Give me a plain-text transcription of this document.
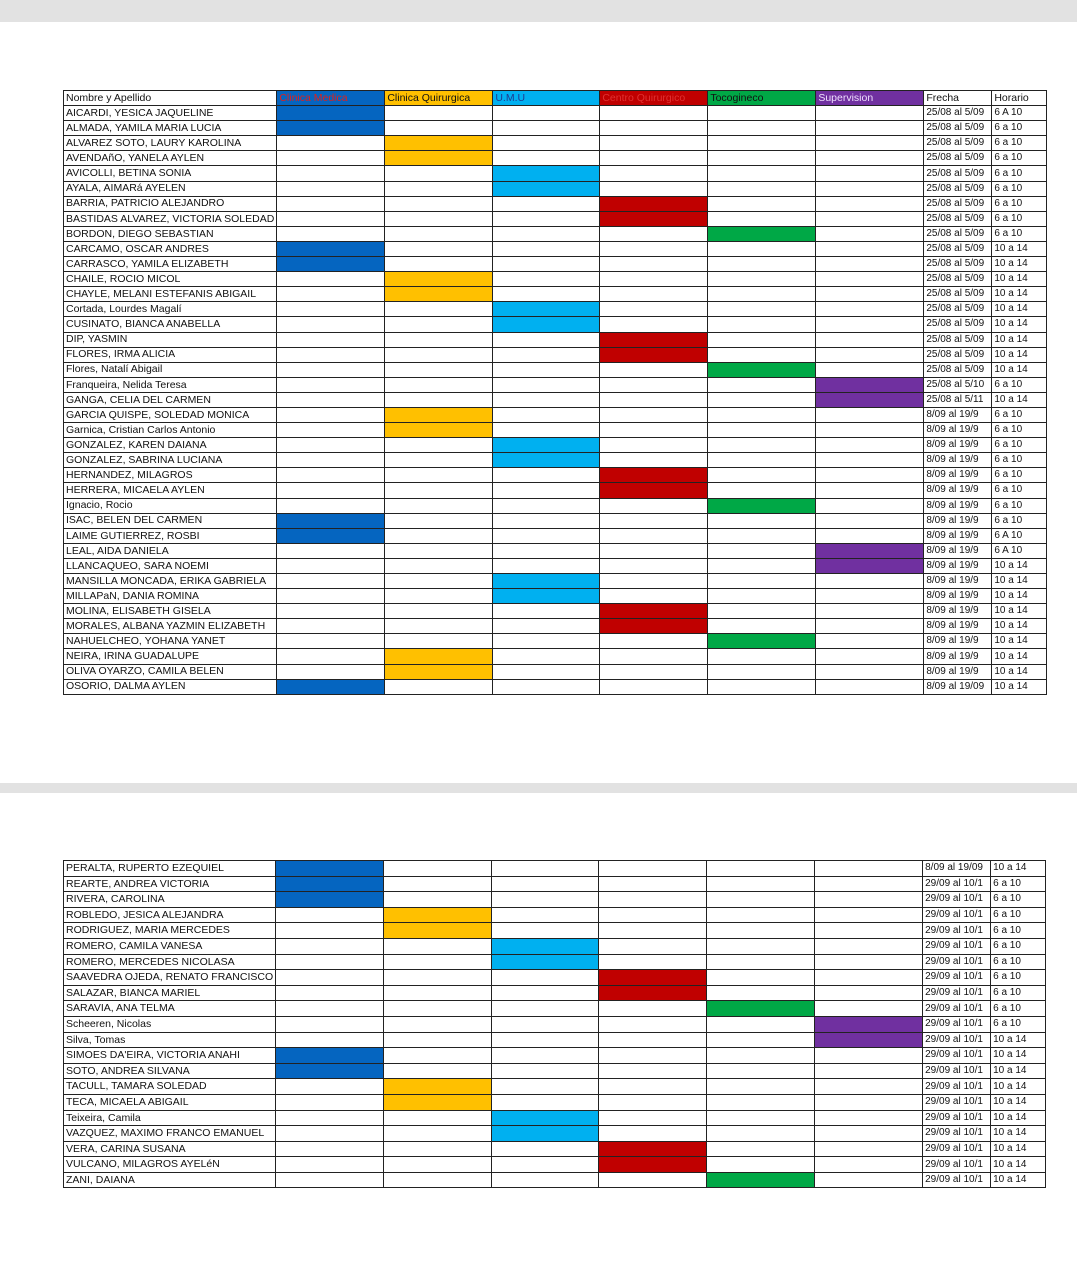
Nombre y Apellido	Clinica Medica	Clinica Quirurgica	U.M.U	Centro Quirurgico	Tocogineco	Supervision	Frecha	Horario
AICARDI, YESICA JAQUELINE							25/08 al 5/09	6 A 10
ALMADA, YAMILA MARIA LUCIA							25/08 al 5/09	6 a 10
ALVAREZ SOTO, LAURY KAROLINA							25/08 al 5/09	6 a 10
AVENDAñO, YANELA AYLEN							25/08 al 5/09	6 a 10
AVICOLLI, BETINA SONIA							25/08 al 5/09	6 a 10
AYALA, AIMARá AYELEN							25/08 al 5/09	6 a 10
BARRIA, PATRICIO ALEJANDRO							25/08 al 5/09	6 a 10
BASTIDAS ALVAREZ, VICTORIA SOLEDAD							25/08 al 5/09	6 a 10
BORDON, DIEGO SEBASTIAN							25/08 al 5/09	6 a 10
CARCAMO, OSCAR ANDRES							25/08 al 5/09	10 a 14
CARRASCO, YAMILA ELIZABETH							25/08 al 5/09	10 a 14
CHAILE, ROCIO MICOL							25/08 al 5/09	10 a 14
CHAYLE, MELANI ESTEFANIS ABIGAIL							25/08 al 5/09	10 a 14
Cortada, Lourdes Magalí							25/08 al 5/09	10 a 14
CUSINATO, BIANCA ANABELLA							25/08 al 5/09	10 a 14
DIP, YASMIN							25/08 al 5/09	10 a 14
FLORES, IRMA ALICIA							25/08 al 5/09	10 a 14
Flores, Natalí Abigail							25/08 al 5/09	10 a 14
Franqueira, Nelida Teresa							25/08 al 5/10	6 a 10
GANGA, CELIA DEL CARMEN							25/08 al 5/11	10 a 14
GARCIA QUISPE, SOLEDAD MONICA							8/09 al 19/9	6 a 10
Garnica, Cristian Carlos Antonio							8/09 al 19/9	6 a 10
GONZALEZ, KAREN DAIANA							8/09 al 19/9	6 a 10
GONZALEZ, SABRINA LUCIANA							8/09 al 19/9	6 a 10
HERNANDEZ, MILAGROS							8/09 al 19/9	6 a 10
HERRERA, MICAELA AYLEN							8/09 al 19/9	6 a 10
Ignacio, Rocio							8/09 al 19/9	6 a 10
ISAC, BELEN DEL CARMEN							8/09 al 19/9	6 a 10
LAIME GUTIERREZ, ROSBI							8/09 al 19/9	6 A 10
LEAL, AIDA DANIELA							8/09 al 19/9	6 A 10
LLANCAQUEO, SARA NOEMI							8/09 al 19/9	10 a 14
MANSILLA MONCADA, ERIKA GABRIELA							8/09 al 19/9	10 a 14
MILLAPaN, DANIA ROMINA							8/09 al 19/9	10 a 14
MOLINA, ELISABETH GISELA							8/09 al 19/9	10 a 14
MORALES, ALBANA YAZMIN ELIZABETH							8/09 al 19/9	10 a 14
NAHUELCHEO, YOHANA YANET							8/09 al 19/9	10 a 14
NEIRA, IRINA GUADALUPE							8/09 al 19/9	10 a 14
OLIVA OYARZO, CAMILA BELEN							8/09 al 19/9	10 a 14
OSORIO, DALMA AYLEN							8/09 al 19/09	10 a 14
PERALTA, RUPERTO EZEQUIEL							8/09 al 19/09	10 a 14
REARTE, ANDREA VICTORIA							29/09 al 10/1	6 a 10
RIVERA, CAROLINA							29/09 al 10/1	6 a 10
ROBLEDO, JESICA ALEJANDRA							29/09 al 10/1	6 a 10
RODRIGUEZ, MARIA MERCEDES							29/09 al 10/1	6 a 10
ROMERO, CAMILA VANESA							29/09 al 10/1	6 a 10
ROMERO, MERCEDES NICOLASA							29/09 al 10/1	6 a 10
SAAVEDRA OJEDA, RENATO FRANCISCO							29/09 al 10/1	6 a 10
SALAZAR, BIANCA MARIEL							29/09 al 10/1	6 a 10
SARAVIA, ANA TELMA							29/09 al 10/1	6 a 10
Scheeren, Nicolas							29/09 al 10/1	6 a 10
Silva, Tomas							29/09 al 10/1	10 a 14
SIMOES DA'EIRA, VICTORIA ANAHI							29/09 al 10/1	10 a 14
SOTO, ANDREA SILVANA							29/09 al 10/1	10 a 14
TACULL, TAMARA SOLEDAD							29/09 al 10/1	10 a 14
TECA, MICAELA ABIGAIL							29/09 al 10/1	10 a 14
Teixeira, Camila							29/09 al 10/1	10 a 14
VAZQUEZ, MAXIMO FRANCO EMANUEL							29/09 al 10/1	10 a 14
VERA, CARINA SUSANA							29/09 al 10/1	10 a 14
VULCANO, MILAGROS AYELéN							29/09 al 10/1	10 a 14
ZANI, DAIANA							29/09 al 10/1	10 a 14
